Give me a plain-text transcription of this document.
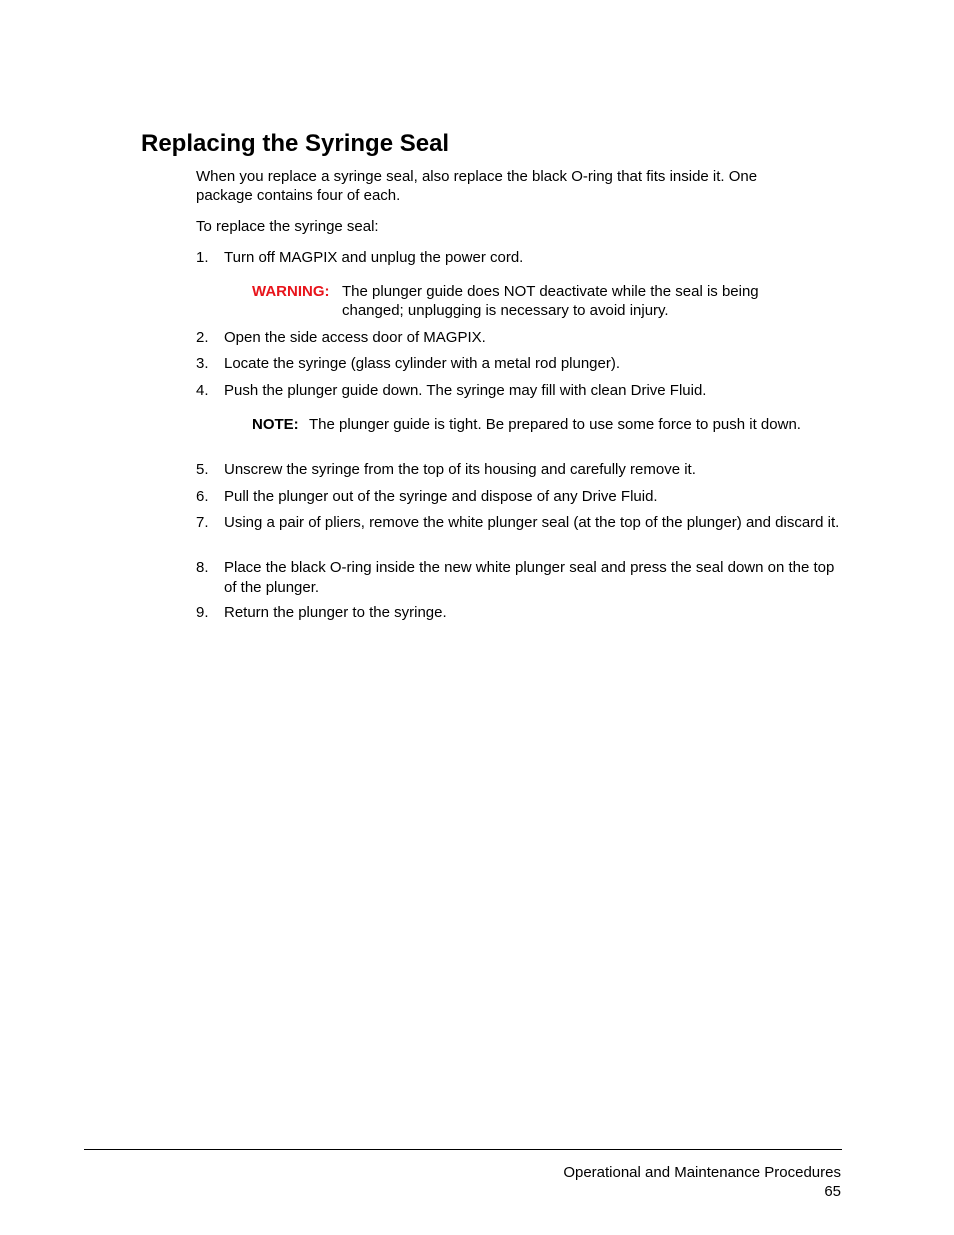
Replacing the Syringe Seal

When you replace a syringe seal, also replace the black O-ring that fits inside it. One package contains four of each.

To replace the syringe seal:

1. Turn off MAGPIX and unplug the power cord.
WARNING: The plunger guide does NOT deactivate while the seal is being changed; unplugging is necessary to avoid injury.
2. Open the side access door of MAGPIX.
3. Locate the syringe (glass cylinder with a metal rod plunger).
4. Push the plunger guide down. The syringe may fill with clean Drive Fluid.
NOTE: The plunger guide is tight. Be prepared to use some force to push it down.
5. Unscrew the syringe from the top of its housing and carefully remove it.
6. Pull the plunger out of the syringe and dispose of any Drive Fluid.
7. Using a pair of pliers, remove the white plunger seal (at the top of the plunger) and discard it.
8. Place the black O-ring inside the new white plunger seal and press the seal down on the top of the plunger.
9. Return the plunger to the syringe.
Operational and Maintenance Procedures
65
